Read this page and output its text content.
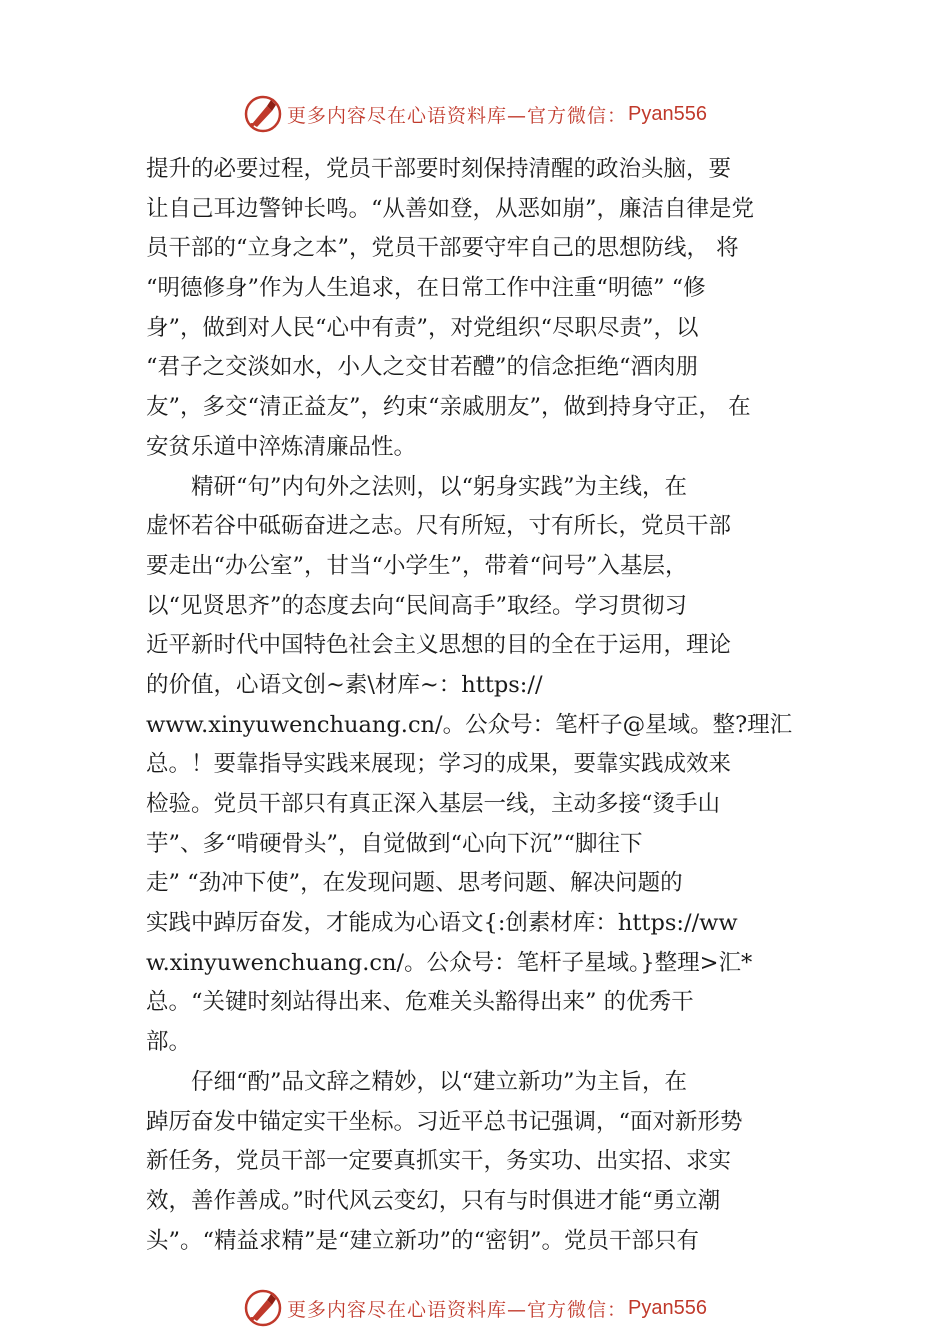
更多内容尽在心语资料库—官方微信： Pyan556
提升的必要过程，党员干部要时刻保持清醒的政治头脑，要
让自己耳边警钟长鸣。“从善如登，从恶如崩”，廉洁自律是党
员干部的“立身之本”，党员干部要守牢自己的思想防线， 将
“明德修身”作为人生追求，在日常工作中注重“明德” “修
身”，做到对人民“心中有责”，对党组织“尽职尽责”，以
“君子之交淡如水，小人之交甘若醴”的信念拒绝“酒肉朋
友”，多交“清正益友”，约束“亲戚朋友”，做到持身守正， 在
安贫乐道中淬炼清廉品性。
　　精研“句”内句外之法则，以“躬身实践”为主线，在
虚怀若谷中砥砺奋进之志。尺有所短，寸有所长，党员干部
要走出“办公室”，甘当“小学生”，带着“问号”入基层，
以“见贤思齐”的态度去向“民间高手”取经。学习贯彻习
近平新时代中国特色社会主义思想的目的全在于运用，理论
的价值，心语文创~素\材库~：https://
www.xinyuwenchuang.cn/。公众号：笔杆子@星域。整?理汇
总。！要靠指导实践来展现；学习的成果，要靠实践成效来
检验。党员干部只有真正深入基层一线，主动多接“烫手山
芋”、多“啃硬骨头”，自觉做到“心向下沉”“脚往下
走” “劲冲下使”，在发现问题、思考问题、解决问题的
实践中踔厉奋发，才能成为心语文{:创素材库：https://ww
w.xinyuwenchuang.cn/。公众号：笔杆子星域。}整理>汇*
总。“关键时刻站得出来、危难关头豁得出来” 的优秀干
部。
　　仔细“酌”品文辞之精妙，以“建立新功”为主旨，在
踔厉奋发中锚定实干坐标。习近平总书记强调，“面对新形势
新任务，党员干部一定要真抓实干，务实功、出实招、求实
效，善作善成。”时代风云变幻，只有与时俱进才能“勇立潮
头”。“精益求精”是“建立新功”的“密钥”。党员干部只有
更多内容尽在心语资料库—官方微信： Pyan556
